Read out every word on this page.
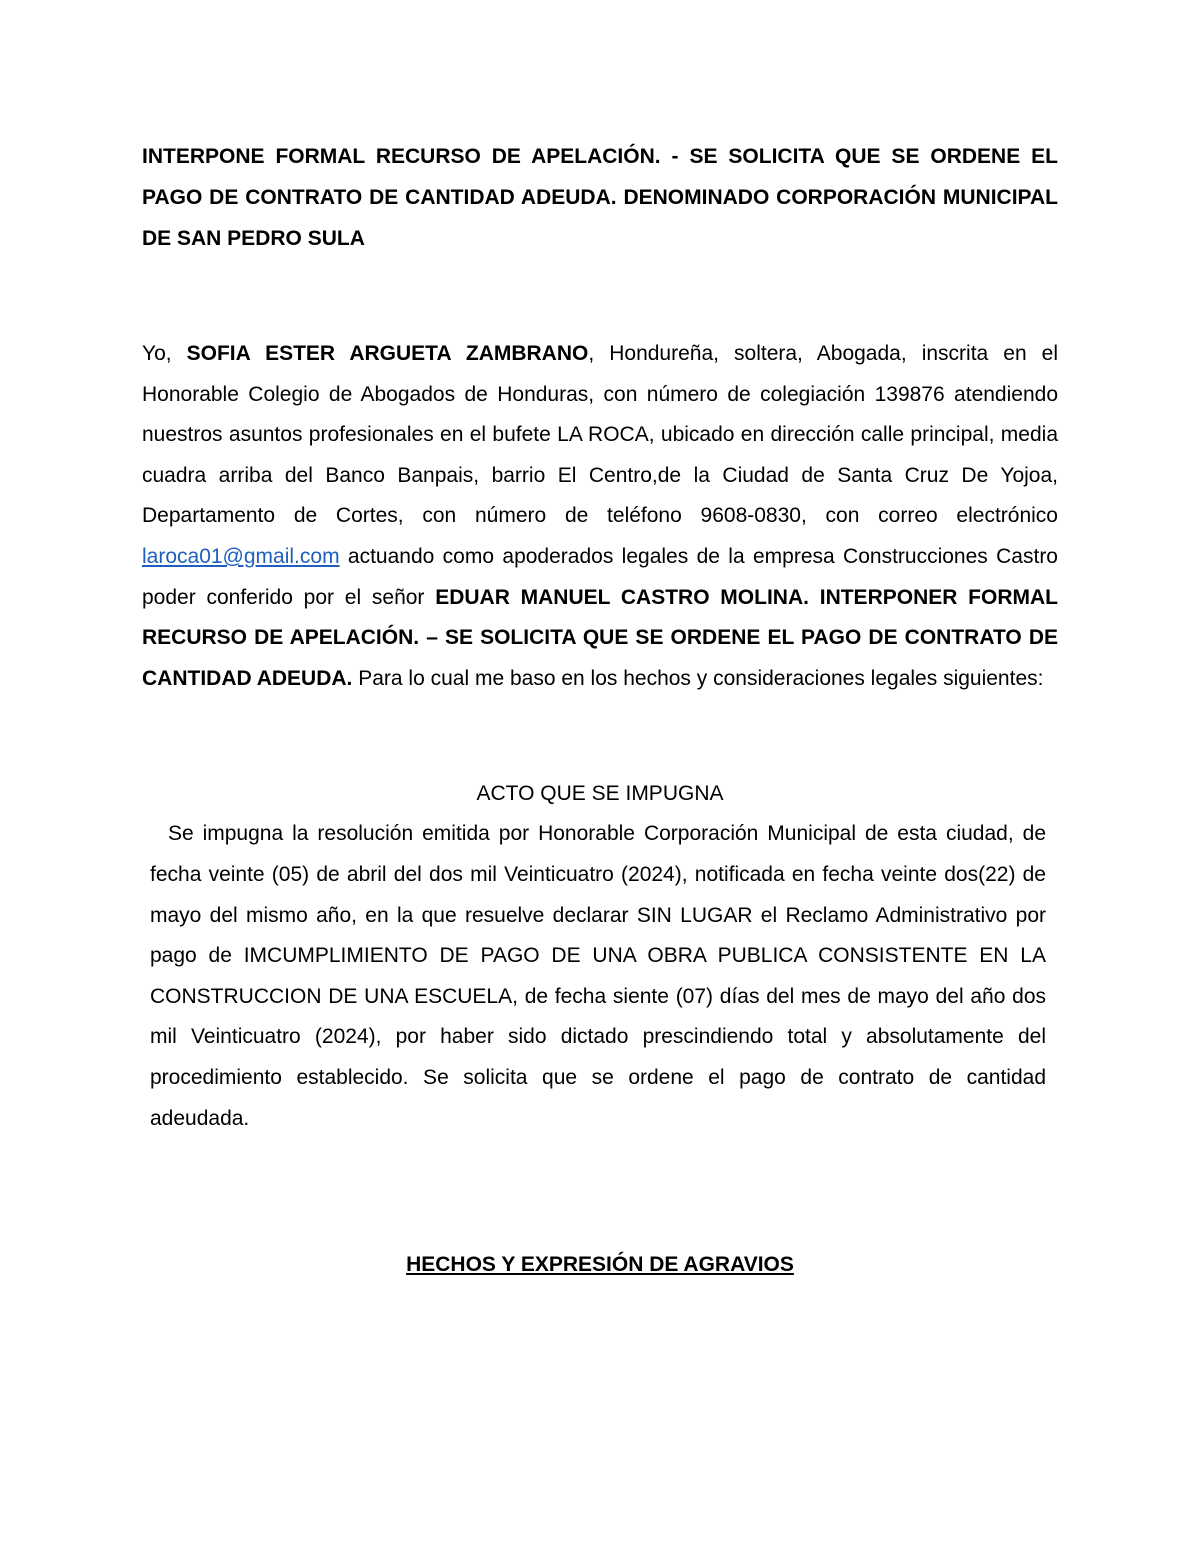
INTERPONE FORMAL RECURSO DE APELACIÓN. - SE SOLICITA QUE SE ORDENE EL PAGO DE CONTRATO DE CANTIDAD ADEUDA. DENOMINADO CORPORACIÓN MUNICIPAL DE SAN PEDRO SULA

Yo, SOFIA ESTER ARGUETA ZAMBRANO, Hondureña, soltera, Abogada, inscrita en el Honorable Colegio de Abogados de Honduras, con número de colegiación 139876 atendiendo nuestros asuntos profesionales en el bufete LA ROCA, ubicado en dirección calle principal, media cuadra arriba del Banco Banpais, barrio El Centro,de la Ciudad de Santa Cruz De Yojoa, Departamento de Cortes, con número de teléfono 9608-0830, con correo electrónico laroca01@gmail.com actuando como apoderados legales de la empresa Construcciones Castro poder conferido por el señor EDUAR MANUEL CASTRO MOLINA. INTERPONER FORMAL RECURSO DE APELACIÓN. – SE SOLICITA QUE SE ORDENE EL PAGO DE CONTRATO DE CANTIDAD ADEUDA. Para lo cual me baso en los hechos y consideraciones legales siguientes:

ACTO QUE SE IMPUGNA

Se impugna la resolución emitida por Honorable Corporación Municipal de esta ciudad, de fecha veinte (05) de abril del dos mil Veinticuatro (2024), notificada en fecha veinte dos(22) de mayo del mismo año, en la que resuelve declarar SIN LUGAR el Reclamo Administrativo por pago de IMCUMPLIMIENTO DE PAGO DE UNA OBRA PUBLICA CONSISTENTE EN LA CONSTRUCCION DE UNA ESCUELA, de fecha siente (07) días del mes de mayo del año dos mil Veinticuatro (2024), por haber sido dictado prescindiendo total y absolutamente del procedimiento establecido. Se solicita que se ordene el pago de contrato de cantidad adeudada.

HECHOS Y EXPRESIÓN DE AGRAVIOS
